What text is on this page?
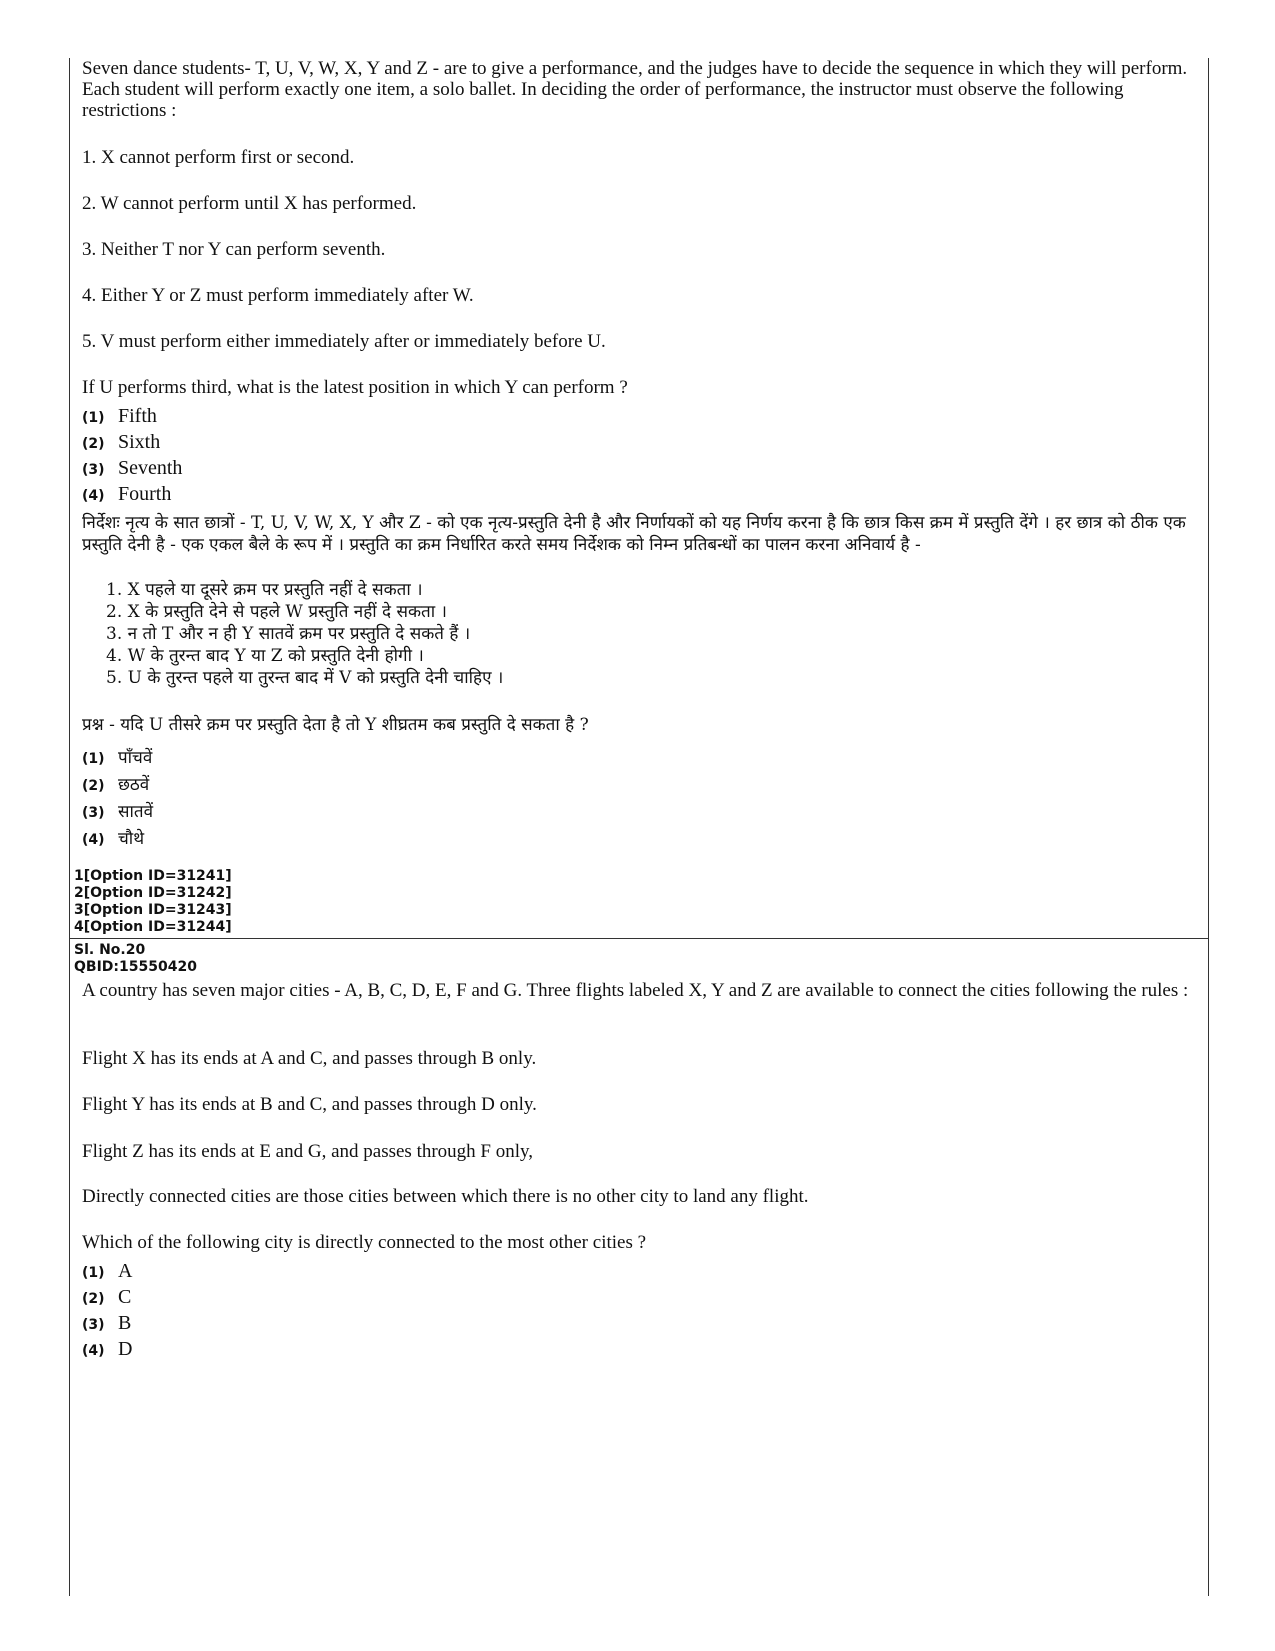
Seven dance students- T, U, V, W, X, Y and Z - are to give a performance, and the judges have to decide the sequence in which they will perform. Each student will perform exactly one item, a solo ballet. In deciding the order of performance, the instructor must observe the following restrictions :

1. X cannot perform first or second.

2. W cannot perform until X has performed.

3. Neither T nor Y can perform seventh.

4. Either Y or Z must perform immediately after W.

5. V must perform either immediately after or immediately before U.

If U performs third, what is the latest position in which Y can perform ?

(1) Fifth
(2) Sixth
(3) Seventh
(4) Fourth

निर्देशः नृत्य के सात छात्रों - T, U, V, W, X, Y और Z - को एक नृत्य-प्रस्तुति देनी है और निर्णायकों को यह निर्णय करना है कि छात्र किस क्रम में प्रस्तुति देंगे । हर छात्र को ठीक एक प्रस्तुति देनी है - एक एकल बैले के रूप में । प्रस्तुति का क्रम निर्धारित करते समय निर्देशक को निम्न प्रतिबन्धों का पालन करना अनिवार्य है -

1. X पहले या दूसरे क्रम पर प्रस्तुति नहीं दे सकता ।

2. X के प्रस्तुति देने से पहले W प्रस्तुति नहीं दे सकता ।

3. न तो T और न ही Y सातवें क्रम पर प्रस्तुति दे सकते हैं ।

4. W के तुरन्त बाद Y या Z को प्रस्तुति देनी होगी ।

5. U के तुरन्त पहले या तुरन्त बाद में V को प्रस्तुति देनी चाहिए ।

प्रश्न - यदि U तीसरे क्रम पर प्रस्तुति देता है तो Y शीघ्रतम कब प्रस्तुति दे सकता है ?

(1) पाँचवें
(2) छठवें
(3) सातवें
(4) चौथे
1[Option ID=31241]
2[Option ID=31242]
3[Option ID=31243]
4[Option ID=31244]
Sl. No.20
QBID:15550420

A country has seven major cities - A, B, C, D, E, F and G. Three flights labeled X, Y and Z are available to connect the cities following the rules :

Flight X has its ends at A and C, and passes through B only.

Flight Y has its ends at B and C, and passes through D only.

Flight Z has its ends at E and G, and passes through F only,

Directly connected cities are those cities between which there is no other city to land any flight.

Which of the following city is directly connected to the most other cities ?

(1) A
(2) C
(3) B
(4) D
